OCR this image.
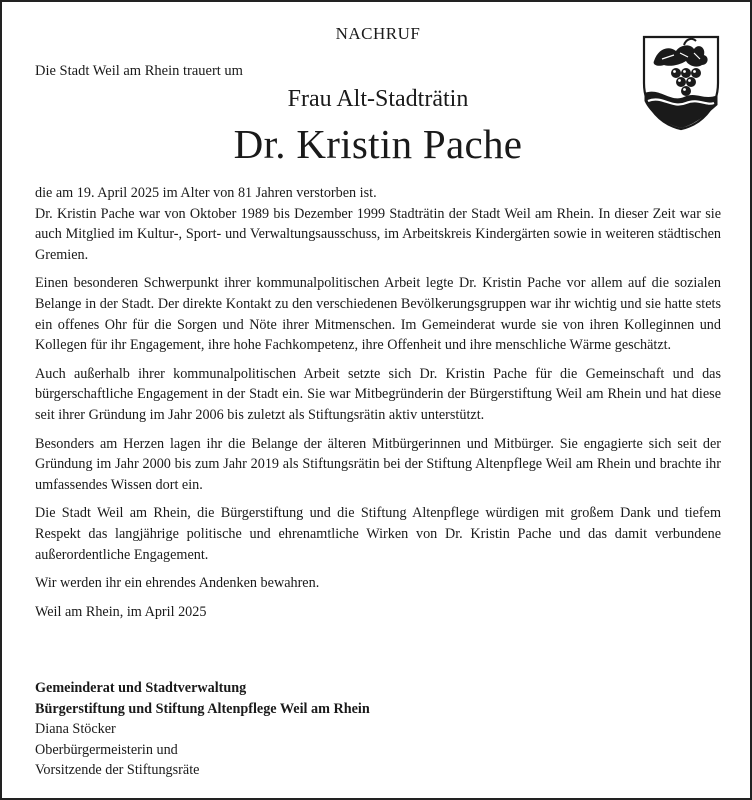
NACHRUF
Die Stadt Weil am Rhein trauert um
Frau Alt-Stadträtin
Dr. Kristin Pache

die am 19. April 2025 im Alter von 81 Jahren verstorben ist.

Dr. Kristin Pache war von Oktober 1989 bis Dezember 1999 Stadträtin der Stadt Weil am Rhein. In dieser Zeit war sie auch Mitglied im Kultur-, Sport- und Verwaltungsausschuss, im Arbeitskreis Kindergärten sowie in weiteren städtischen Gremien.

Einen besonderen Schwerpunkt ihrer kommunalpolitischen Arbeit legte Dr. Kristin Pache vor allem auf die sozialen Belange in der Stadt. Der direkte Kontakt zu den verschiedenen Bevölkerungsgruppen war ihr wichtig und sie hatte stets ein offenes Ohr für die Sorgen und Nöte ihrer Mitmenschen. Im Gemeinderat wurde sie von ihren Kolleginnen und Kollegen für ihr Engagement, ihre hohe Fachkompetenz, ihre Offenheit und ihre menschliche Wärme geschätzt.

Auch außerhalb ihrer kommunalpolitischen Arbeit setzte sich Dr. Kristin Pache für die Gemeinschaft und das bürgerschaftliche Engagement in der Stadt ein. Sie war Mitbegründerin der Bürgerstiftung Weil am Rhein und hat diese seit ihrer Gründung im Jahr 2006 bis zuletzt als Stiftungsrätin aktiv unterstützt.

Besonders am Herzen lagen ihr die Belange der älteren Mitbürgerinnen und Mitbürger. Sie engagierte sich seit der Gründung im Jahr 2000 bis zum Jahr 2019 als Stiftungsrätin bei der Stiftung Altenpflege Weil am Rhein und brachte ihr umfassendes Wissen dort ein.

Die Stadt Weil am Rhein, die Bürgerstiftung und die Stiftung Altenpflege würdigen mit großem Dank und tiefem Respekt das langjährige politische und ehrenamtliche Wirken von Dr. Kristin Pache und das damit verbundene außerordentliche Engagement.

Wir werden ihr ein ehrendes Andenken bewahren.

Weil am Rhein, im April 2025

Gemeinderat und Stadtverwaltung
Bürgerstiftung und Stiftung Altenpflege Weil am Rhein
Diana Stöcker
Oberbürgermeisterin und
Vorsitzende der Stiftungsräte
